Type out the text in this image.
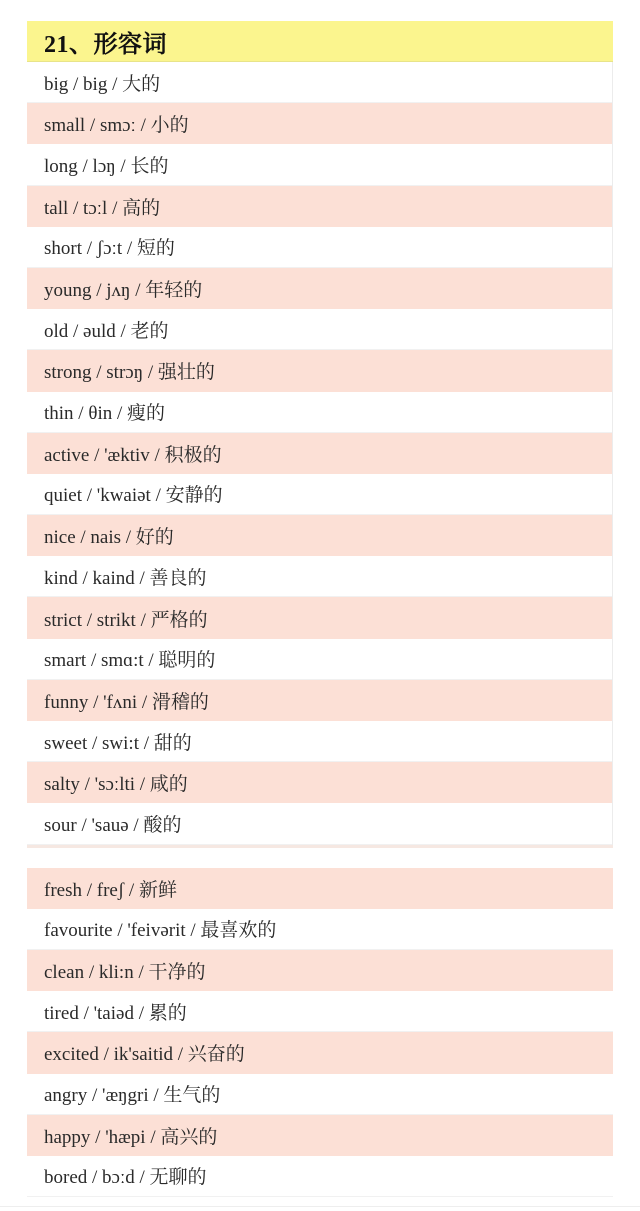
21、形容词
big / big / 大的
small / smɔː / 小的
long / lɔŋ / 长的
tall / tɔːl / 高的
short / ʃɔːt / 短的
young / jʌŋ / 年轻的
old / əuld / 老的
strong / strɔŋ / 强壮的
thin / θin / 瘦的
active / 'æktiv / 积极的
quiet / 'kwaiət / 安静的
nice / nais / 好的
kind / kaind / 善良的
strict / strikt / 严格的
smart / smɑ:t / 聪明的
funny / 'fʌni / 滑稽的
sweet / swi:t / 甜的
salty / 'sɔːlti / 咸的
sour / 'sauə / 酸的
fresh / freʃ / 新鲜
favourite / 'feivərit / 最喜欢的
clean / kli:n / 干净的
tired / 'taiəd / 累的
excited / ik'saitid / 兴奋的
angry / 'æŋgri / 生气的
happy / 'hæpi / 高兴的
bored / bɔːd / 无聊的
